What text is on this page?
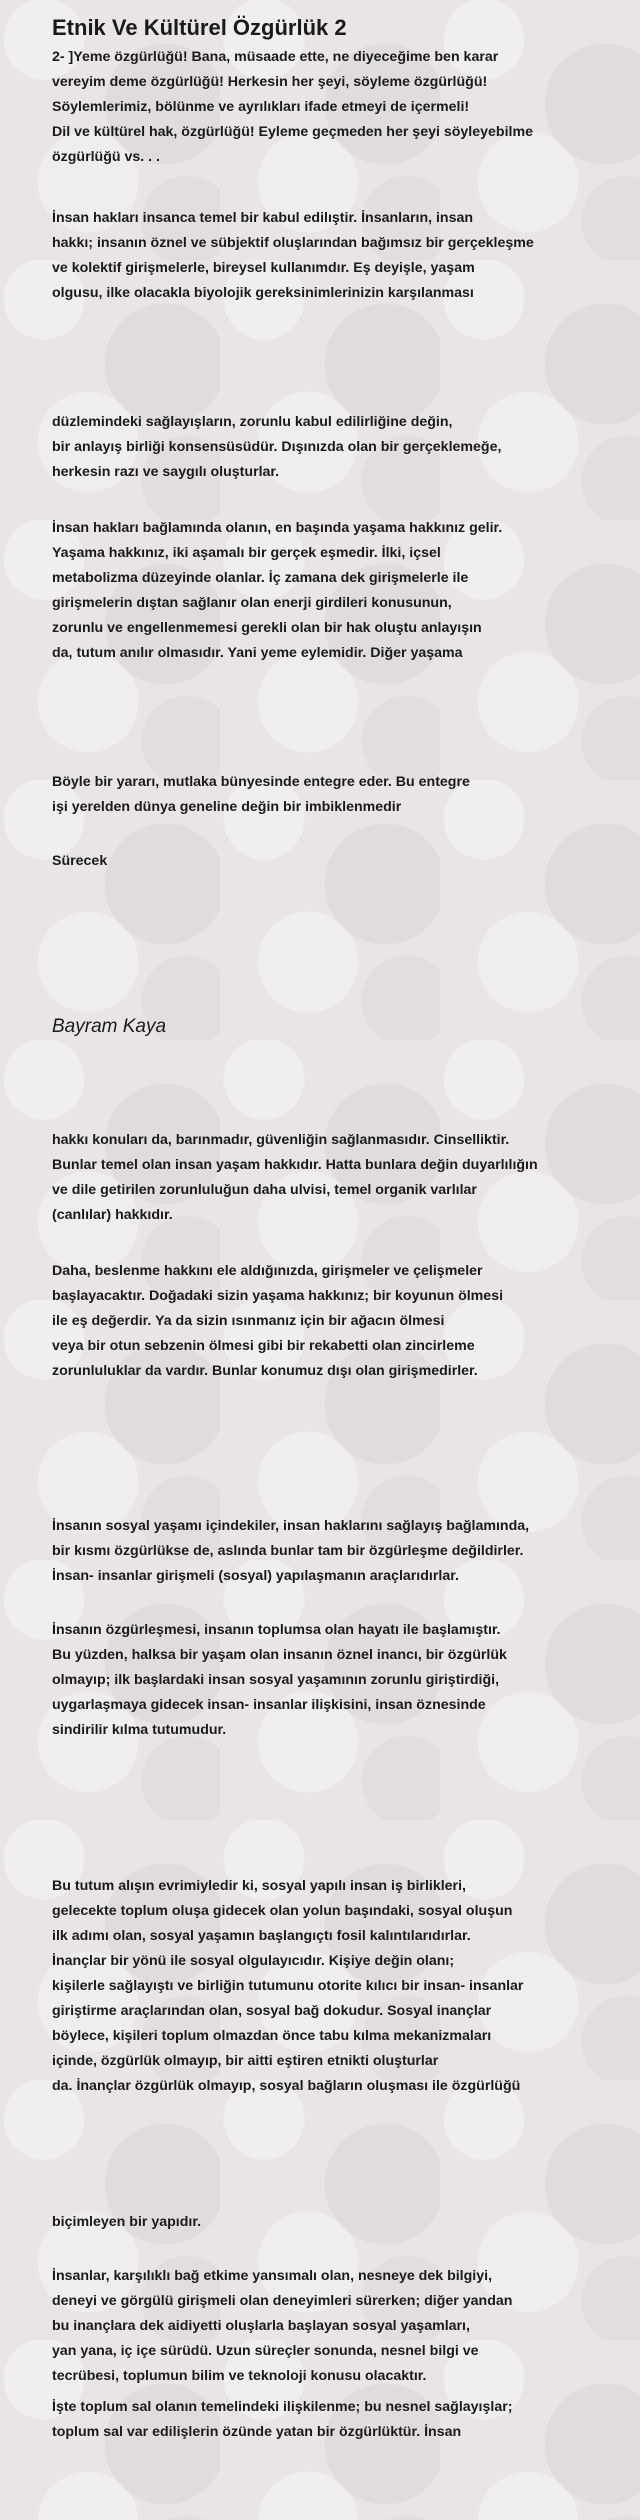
Etnik Ve Kültürel Özgürlük 2

2- ]Yeme özgürlüğü! Bana, müsaade ette, ne diyeceğime ben karar
vereyim deme özgürlüğü! Herkesin her şeyi, söyleme özgürlüğü!
Söylemlerimiz, bölünme ve ayrılıkları ifade etmeyi de içermeli!
Dil ve kültürel hak, özgürlüğü! Eyleme geçmeden her şeyi söyleyebilme
özgürlüğü vs. . .

İnsan hakları insanca temel bir kabul edilıştir. İnsanların, insan
hakkı; insanın öznel ve sübjektif oluşlarından bağımsız bir gerçekleşme
ve kolektif girişmelerle, bireysel kullanımdır. Eş deyişle, yaşam
olgusu, ilke olacakla biyolojik gereksinimlerinizin karşılanması

düzlemindeki sağlayışların, zorunlu kabul edilirliğine değin,
bir anlayış birliği konsensüsüdür. Dışınızda olan bir gerçeklemeğe,
herkesin razı ve saygılı oluşturlar.

İnsan hakları bağlamında olanın, en başında yaşama hakkınız gelir.
Yaşama hakkınız, iki aşamalı bir gerçek eşmedir. İlki, içsel
metabolizma düzeyinde olanlar. İç zamana dek girişmelerle ile
girişmelerin dıştan sağlanır olan enerji girdileri konusunun,
zorunlu ve engellenmemesi gerekli olan bir hak oluştu anlayışın
da, tutum anılır olmasıdır. Yani yeme eylemidir. Diğer yaşama

Böyle bir yararı, mutlaka bünyesinde entegre eder. Bu entegre
işi yerelden dünya geneline değin bir imbiklenmedir

Sürecek

Bayram Kaya

hakkı konuları da, barınmadır, güvenliğin sağlanmasıdır. Cinselliktir.
Bunlar temel olan insan yaşam hakkıdır. Hatta bunlara değin duyarlılığın
ve dile getirilen zorunluluğun daha ulvisi, temel organik varlılar
(canlılar) hakkıdır.

Daha, beslenme hakkını ele aldığınızda, girişmeler ve çelişmeler
başlayacaktır. Doğadaki sizin yaşama hakkınız; bir koyunun ölmesi
ile eş değerdir. Ya da sizin ısınmanız için bir ağacın ölmesi
veya bir otun sebzenin ölmesi gibi bir rekabetti olan zincirleme
zorunluluklar da vardır. Bunlar konumuz dışı olan girişmedirler.

İnsanın sosyal yaşamı içindekiler, insan haklarını sağlayış bağlamında,
bir kısmı özgürlükse de, aslında bunlar tam bir özgürleşme değildirler.
İnsan- insanlar girişmeli (sosyal) yapılaşmanın araçlarıdırlar.

İnsanın özgürleşmesi, insanın toplumsa olan hayatı ile başlamıştır.
Bu yüzden, halksa bir yaşam olan insanın öznel inancı, bir özgürlük
olmayıp; ilk başlardaki insan sosyal yaşamının zorunlu giriştirdiği,
uygarlaşmaya gidecek insan- insanlar ilişkisini, insan öznesinde
sindirilir kılma tutumudur.

Bu tutum alışın evrimiyledir ki, sosyal yapılı insan iş birlikleri,
gelecekte toplum oluşa gidecek olan yolun başındaki, sosyal oluşun
ilk adımı olan, sosyal yaşamın başlangıçtı fosil kalıntılarıdırlar.
İnançlar bir yönü ile sosyal olgulayıcıdır. Kişiye değin olanı;
kişilerle sağlayıştı ve birliğin tutumunu otorite kılıcı bir insan- insanlar
giriştirme araçlarından olan, sosyal bağ dokudur. Sosyal inançlar
böylece, kişileri toplum olmazdan önce tabu kılma mekanizmaları
içinde, özgürlük olmayıp, bir aitti eştiren etnikti oluşturlar
da. İnançlar özgürlük olmayıp, sosyal bağların oluşması ile özgürlüğü

biçimleyen bir yapıdır.

İnsanlar, karşılıklı bağ etkime yansımalı olan, nesneye dek bilgiyi,
deneyi ve görgülü girişmeli olan deneyimleri sürerken; diğer yandan
bu inançlara dek aidiyetti oluşlarla başlayan sosyal yaşamları,
yan yana, iç içe sürüdü. Uzun süreçler sonunda, nesnel bilgi ve
tecrübesi, toplumun bilim ve teknoloji konusu olacaktır.

İşte toplum sal olanın temelindeki ilişkilenme; bu nesnel sağlayışlar;
toplum sal var edilişlerin özünde yatan bir özgürlüktür. İnsan
